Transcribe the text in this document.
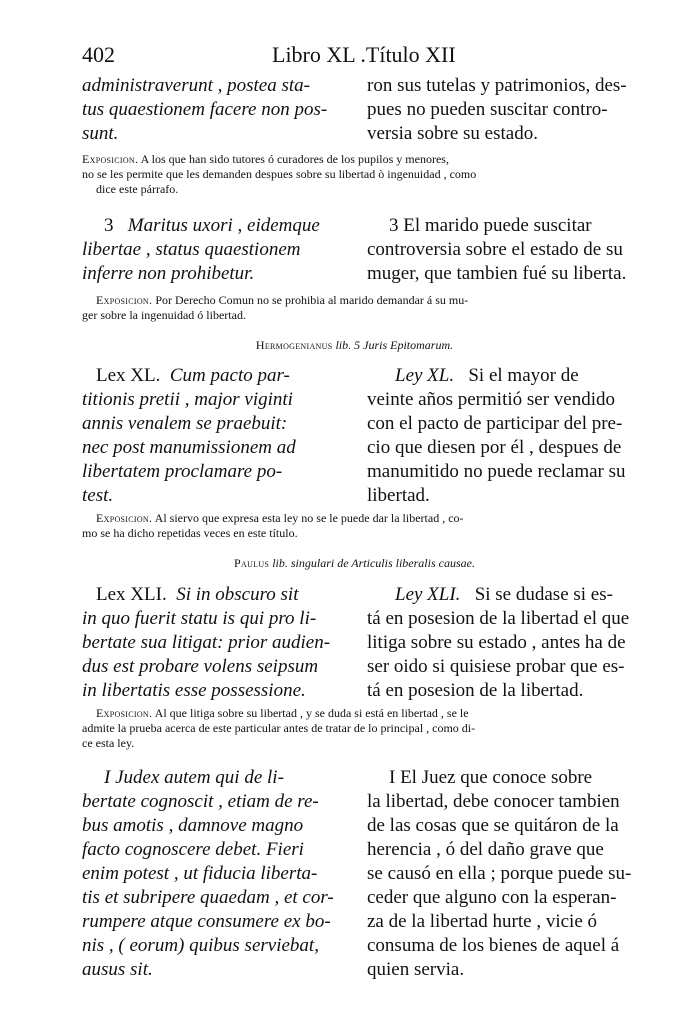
402	Libro XL .Título XII
administraverunt , postea sta-
tus quaestionem facere non pos-
sunt.
ron sus tutelas y patrimonios, des-
pues no pueden suscitar contro-
versia sobre su estado.
Exposicion. A los que han sido tutores ó curadores de los pupilos y menores,
no se les permite que les demanden despues sobre su libertad ò ingenuidad , como
dice este párrafo.
3 Maritus uxori , eidemque
libertae , status quaestionem
inferre non prohibetur.
3 El marido puede suscitar
controversia sobre el estado de su
muger, que tambien fué su liberta.
Exposicion. Por Derecho Comun no se prohibia al marido demandar á su mu-
ger sobre la ingenuidad ó libertad.
Hermogenianus lib. 5 Juris Epitomarum.
Lex XL. Cum pacto par-
titionis pretii , major viginti
annis venalem se praebuit:
nec post manumissionem ad
libertatem proclamare po-
test.
Ley XL. Si el mayor de
veinte años permitió ser vendido
con el pacto de participar del pre-
cio que diesen por él , despues de
manumitido no puede reclamar su
libertad.
Exposicion. Al siervo que expresa esta ley no se le puede dar la libertad , co-
mo se ha dicho repetidas veces en este título.
Paulus lib. singulari de Articulis liberalis causae.
Lex XLI. Si in obscuro sit
in quo fuerit statu is qui pro li-
bertate sua litigat: prior audien-
dus est probare volens seipsum
in libertatis esse possessione.
Ley XLI. Si se dudase si es-
tá en posesion de la libertad el que
litiga sobre su estado , antes ha de
ser oido si quisiese probar que es-
tá en posesion de la libertad.
Exposicion. Al que litiga sobre su libertad , y se duda si está en libertad , se le
admite la prueba acerca de este particular antes de tratar de lo principal , como di-
ce esta ley.
I Judex autem qui de li-
bertate cognoscit , etiam de re-
bus amotis , damnove magno
facto cognoscere debet. Fieri
enim potest , ut fiducia liberta-
tis et subripere quaedam , et cor-
rumpere atque consumere ex bo-
nis , ( eorum) quibus serviebat,
ausus sit.
I El Juez que conoce sobre
la libertad, debe conocer tambien
de las cosas que se quitáron de la
herencia , ó del daño grave que
se causó en ella ; porque puede su-
ceder que alguno con la esperan-
za de la libertad hurte , vicie ó
consuma de los bienes de aquel á
quien servia.
